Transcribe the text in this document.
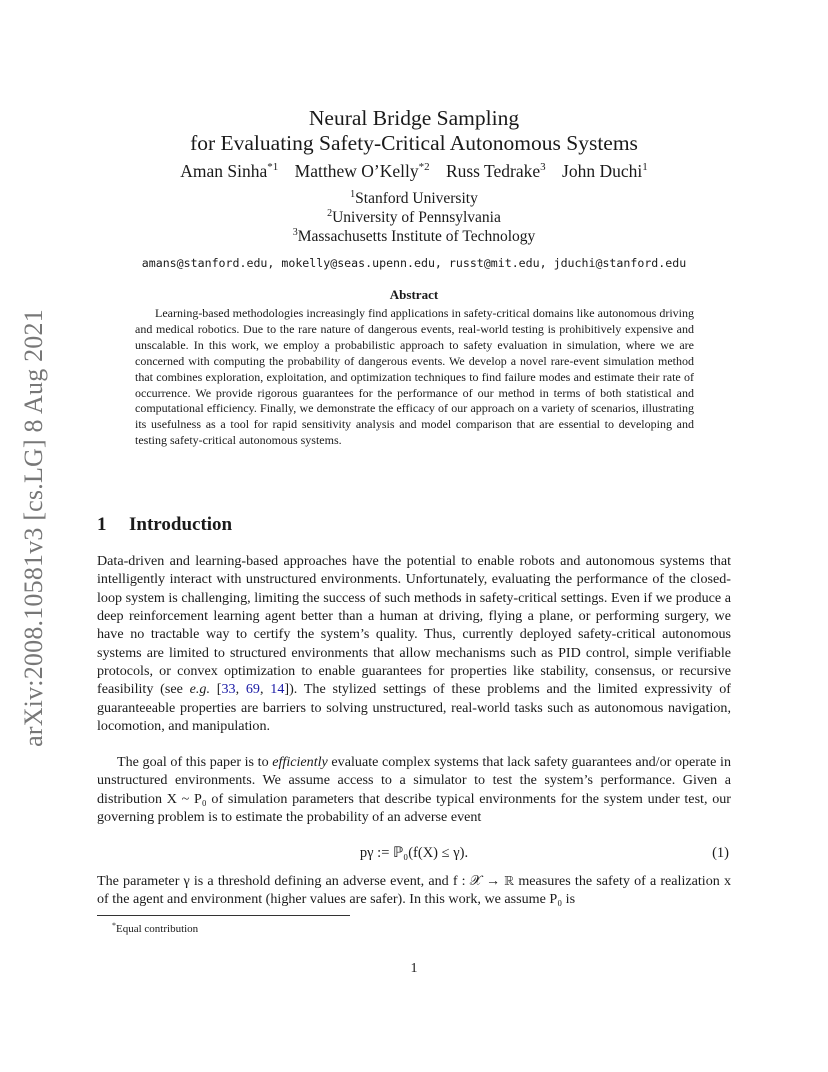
arXiv:2008.10581v3 [cs.LG] 8 Aug 2021
Neural Bridge Sampling
for Evaluating Safety-Critical Autonomous Systems
Aman Sinha$^{*1}$ Matthew O’Kelly$^{*2}$ Russ Tedrake$^3$ John Duchi$^1$
$^1$Stanford University
$^2$University of Pennsylvania
$^3$Massachusetts Institute of Technology
amans@stanford.edu, mokelly@seas.upenn.edu, russt@mit.edu, jduchi@stanford.edu
Abstract

Learning-based methodologies increasingly find applications in safety-critical domains like autonomous driving and medical robotics. Due to the rare nature of dangerous events, real-world testing is prohibitively expensive and unscalable. In this work, we employ a probabilistic approach to safety evaluation in simulation, where we are concerned with computing the probability of dangerous events. We develop a novel rare-event simulation method that combines exploration, exploitation, and optimization techniques to find failure modes and estimate their rate of occurrence. We provide rigorous guarantees for the performance of our method in terms of both statistical and computational efficiency. Finally, we demonstrate the efficacy of our approach on a variety of scenarios, illustrating its usefulness as a tool for rapid sensitivity analysis and model comparison that are essential to developing and testing safety-critical autonomous systems.

1 Introduction

Data-driven and learning-based approaches have the potential to enable robots and autonomous systems that intelligently interact with unstructured environments. Unfortunately, evaluating the performance of the closed-loop system is challenging, limiting the success of such methods in safety-critical settings. Even if we produce a deep reinforcement learning agent better than a human at driving, flying a plane, or performing surgery, we have no tractable way to certify the system’s quality. Thus, currently deployed safety-critical autonomous systems are limited to structured environments that allow mechanisms such as PID control, simple verifiable protocols, or convex optimization to enable guarantees for properties like stability, consensus, or recursive feasibility (see e.g. [33, 69, 14]). The stylized settings of these problems and the limited expressivity of guaranteeable properties are barriers to solving unstructured, real-world tasks such as autonomous navigation, locomotion, and manipulation.

The goal of this paper is to efficiently evaluate complex systems that lack safety guarantees and/or operate in unstructured environments. We assume access to a simulator to test the system’s performance. Given a distribution X ~ P₀ of simulation parameters that describe typical environments for the system under test, our governing problem is to estimate the probability of an adverse event

pγ := ℙ₀(f(X) ≤ γ).	(1)

The parameter γ is a threshold defining an adverse event, and f : 𝒳 → ℝ measures the safety of a realization x of the agent and environment (higher values are safer). In this work, we assume P₀ is

*Equal contribution
1
